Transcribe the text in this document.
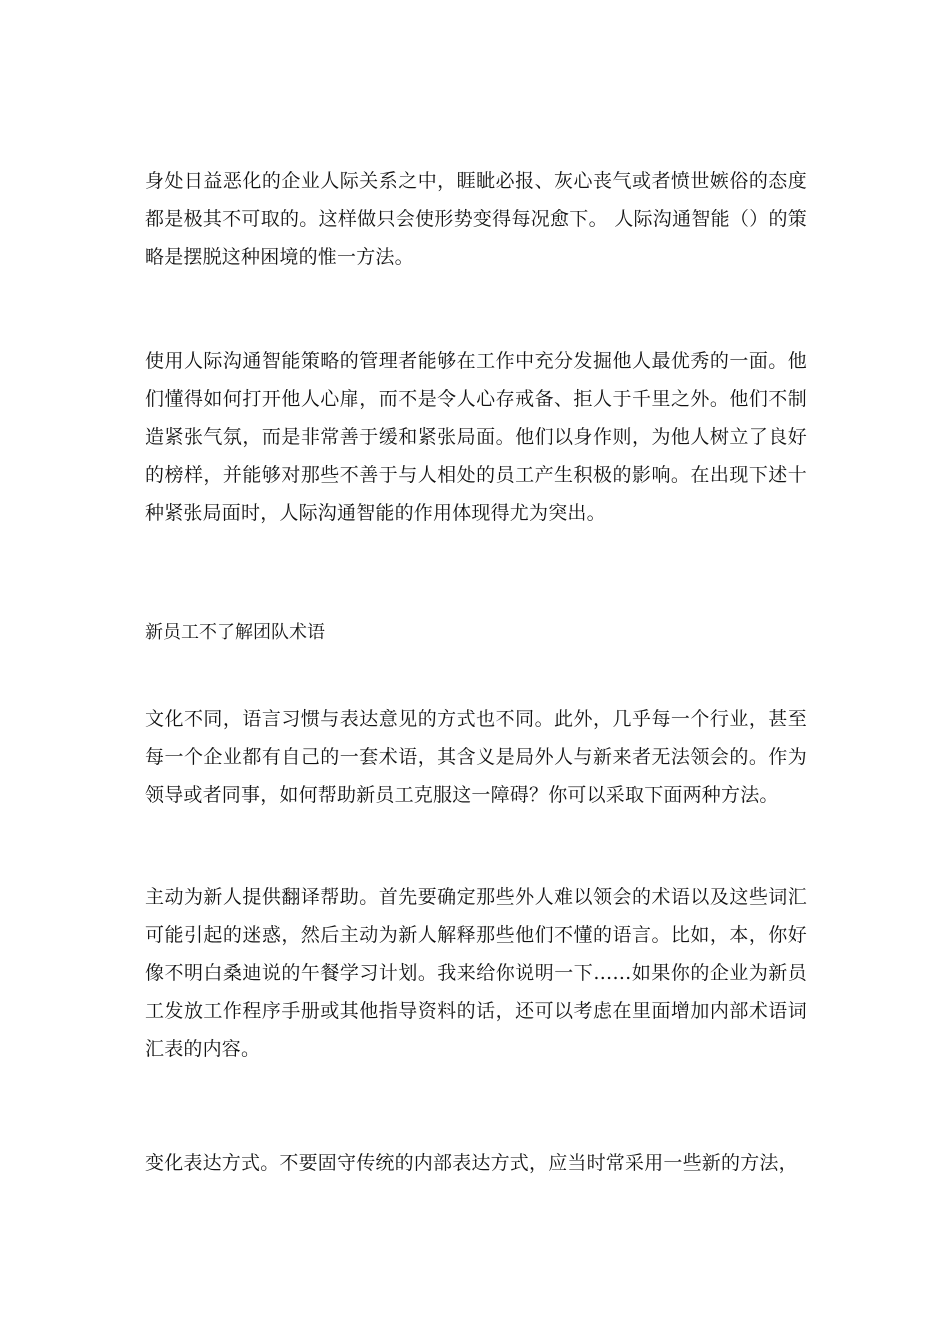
身处日益恶化的企业人际关系之中，睚眦必报、灰心丧气或者愤世嫉俗的态度都是极其不可取的。这样做只会使形势变得每况愈下。 人际沟通智能（）的策略是摆脱这种困境的惟一方法。

使用人际沟通智能策略的管理者能够在工作中充分发掘他人最优秀的一面。他们懂得如何打开他人心扉，而不是令人心存戒备、拒人于千里之外。他们不制造紧张气氛，而是非常善于缓和紧张局面。他们以身作则，为他人树立了良好的榜样，并能够对那些不善于与人相处的员工产生积极的影响。在出现下述十种紧张局面时，人际沟通智能的作用体现得尤为突出。

新员工不了解团队术语

文化不同，语言习惯与表达意见的方式也不同。此外，几乎每一个行业，甚至每一个企业都有自己的一套术语，其含义是局外人与新来者无法领会的。作为领导或者同事，如何帮助新员工克服这一障碍？你可以采取下面两种方法。

主动为新人提供翻译帮助。首先要确定那些外人难以领会的术语以及这些词汇可能引起的迷惑，然后主动为新人解释那些他们不懂的语言。比如，本，你好像不明白桑迪说的午餐学习计划。我来给你说明一下……如果你的企业为新员工发放工作程序手册或其他指导资料的话，还可以考虑在里面增加内部术语词汇表的内容。

变化表达方式。不要固守传统的内部表达方式，应当时常采用一些新的方法，
